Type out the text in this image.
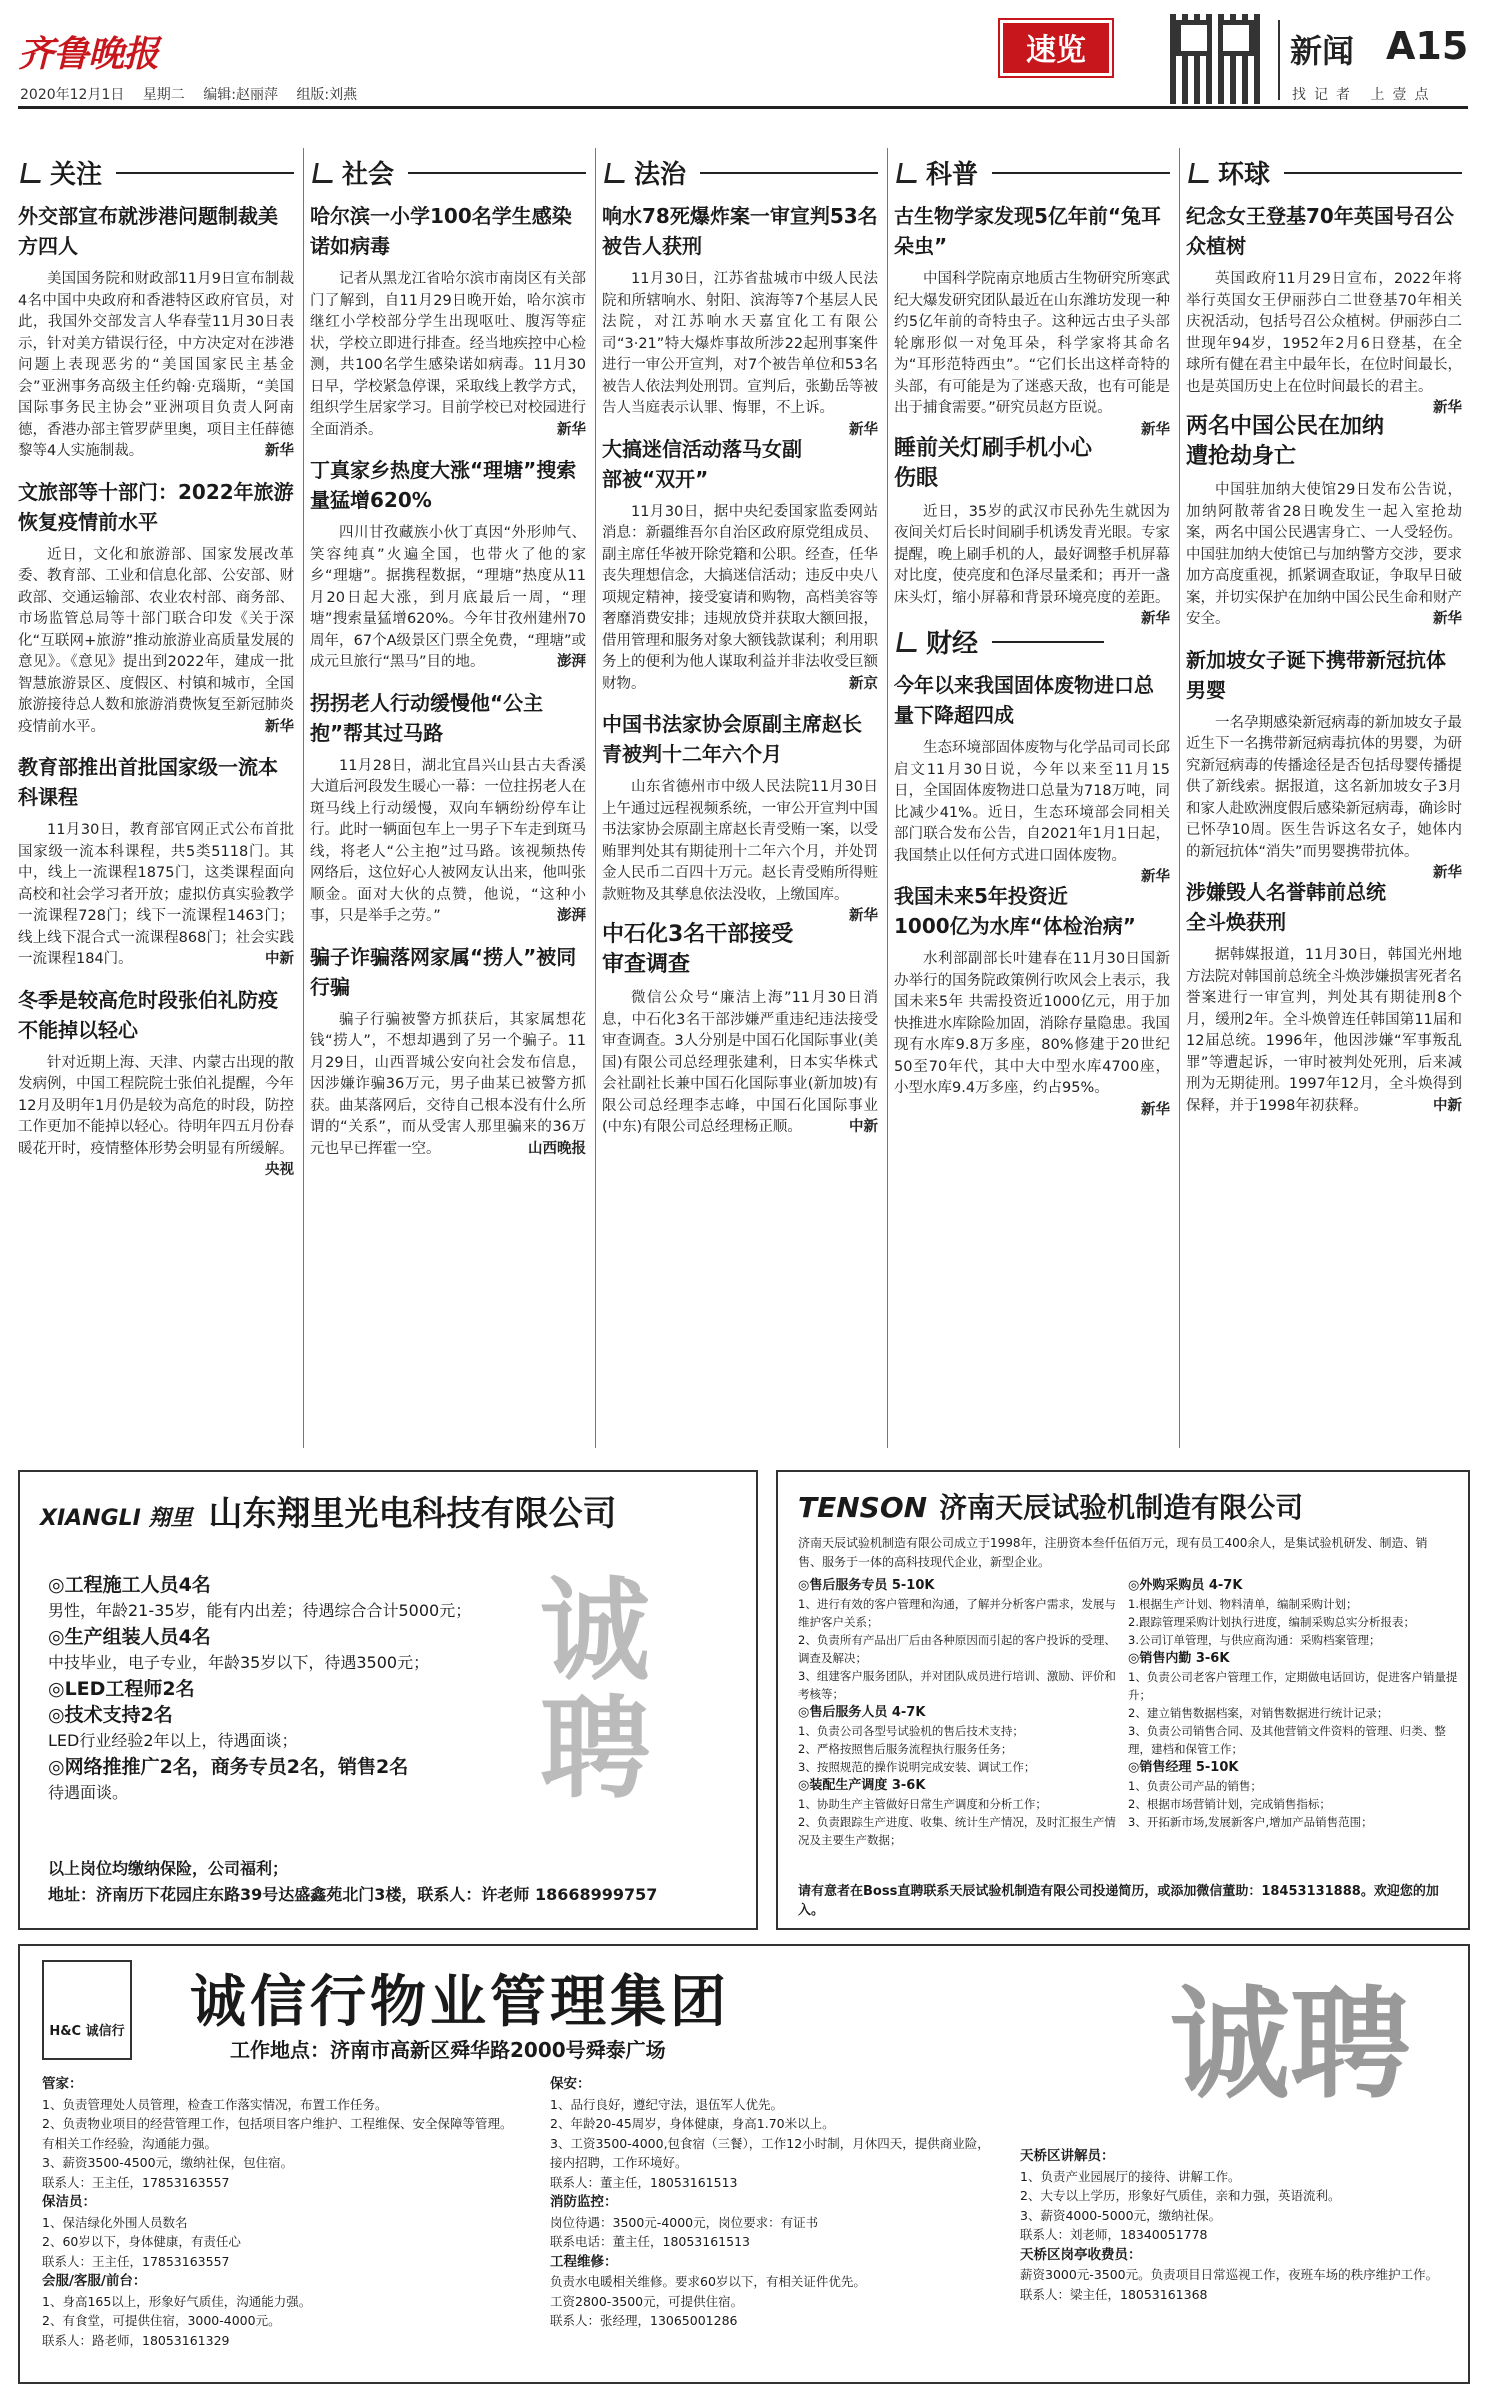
齐鲁晚报
2020年12月1日 星期二 编辑:赵丽萍 组版:刘燕
速览	新闻 A15
找记者 上壹点
关注
外交部宣布就涉港问题制裁美方四人
美国国务院和财政部11月9日宣布制裁4名中国中央政府和香港特区政府官员，对此，我国外交部发言人华春莹11月30日表示，针对美方错误行径，中方决定对在涉港问题上表现恶劣的“美国国家民主基金会”亚洲事务高级主任约翰·克瑙斯，“美国国际事务民主协会”亚洲项目负责人阿南德，香港办部主管罗萨里奥，项目主任薛德黎等4人实施制裁。	新华
文旅部等十部门：2022年旅游恢复疫情前水平
近日，文化和旅游部、国家发展改革委、教育部、工业和信息化部、公安部、财政部、交通运输部、农业农村部、商务部、市场监管总局等十部门联合印发《关于深化“互联网+旅游”推动旅游业高质量发展的意见》。《意见》提出到2022年，建成一批智慧旅游景区、度假区、村镇和城市，全国旅游接待总人数和旅游消费恢复至新冠肺炎疫情前水平。	新华
教育部推出首批国家级一流本科课程
11月30日，教育部官网正式公布首批国家级一流本科课程，共5类5118门。其中，线上一流课程1875门，这类课程面向高校和社会学习者开放；虚拟仿真实验教学一流课程728门；线下一流课程1463门；线上线下混合式一流课程868门；社会实践一流课程184门。	中新
冬季是较高危时段张伯礼防疫不能掉以轻心
针对近期上海、天津、内蒙古出现的散发病例，中国工程院院士张伯礼提醒，今年12月及明年1月仍是较为高危的时段，防控工作更加不能掉以轻心。待明年四五月份春暖花开时，疫情整体形势会明显有所缓解。
央视
社会
哈尔滨一小学100名学生感染诺如病毒
记者从黑龙江省哈尔滨市南岗区有关部门了解到，自11月29日晚开始，哈尔滨市继红小学校部分学生出现呕吐、腹泻等症状，学校立即进行排查。经当地疾控中心检测，共100名学生感染诺如病毒。11月30日早，学校紧急停课，采取线上教学方式，组织学生居家学习。目前学校已对校园进行全面消杀。	新华
丁真家乡热度大涨“理塘”搜索量猛增620%
四川甘孜藏族小伙丁真因“外形帅气、笑容纯真”火遍全国，也带火了他的家乡“理塘”。据携程数据，“理塘”热度从11月20日起大涨，到月底最后一周，“理塘”搜索量猛增620%。今年甘孜州建州70周年，67个A级景区门票全免费，“理塘”或成元旦旅行“黑马”目的地。	澎湃
拐拐老人行动缓慢他“公主抱”帮其过马路
11月28日，湖北宜昌兴山县古夫香溪大道后河段发生暖心一幕：一位拄拐老人在斑马线上行动缓慢，双向车辆纷纷停车让行。此时一辆面包车上一男子下车走到斑马线，将老人“公主抱”过马路。该视频热传网络后，这位好心人被网友认出来，他叫张顺金。面对大伙的点赞，他说，“这种小事，只是举手之劳。”	澎湃
骗子诈骗落网家属“捞人”被同行骗
骗子行骗被警方抓获后，其家属想花钱“捞人”，不想却遇到了另一个骗子。11月29日，山西晋城公安向社会发布信息，因涉嫌诈骗36万元，男子曲某已被警方抓获。曲某落网后，交待自己根本没有什么所谓的“关系”，而从受害人那里骗来的36万元也早已挥霍一空。	山西晚报
法治
响水78死爆炸案一审宣判53名被告人获刑
11月30日，江苏省盐城市中级人民法院和所辖响水、射阳、滨海等7个基层人民法院，对江苏响水天嘉宜化工有限公司“3·21”特大爆炸事故所涉22起刑事案件进行一审公开宣判，对7个被告单位和53名被告人依法判处刑罚。宣判后，张勤岳等被告人当庭表示认罪、悔罪，不上诉。
新华
大搞迷信活动落马女副部被“双开”
11月30日，据中央纪委国家监委网站消息：新疆维吾尔自治区政府原党组成员、副主席任华被开除党籍和公职。经查，任华丧失理想信念，大搞迷信活动；违反中央八项规定精神，接受宴请和购物，高档美容等奢靡消费安排；违规放贷并获取大额回报，借用管理和服务对象大额钱款谋利；利用职务上的便利为他人谋取利益并非法收受巨额财物。	新京
中国书法家协会原副主席赵长青被判十二年六个月
山东省德州市中级人民法院11月30日上午通过远程视频系统，一审公开宣判中国书法家协会原副主席赵长青受贿一案，以受贿罪判处其有期徒刑十二年六个月，并处罚金人民币二百四十万元。赵长青受贿所得赃款赃物及其孳息依法没收，上缴国库。
新华
中石化3名干部接受审查调查
微信公众号“廉洁上海”11月30日消息，中石化3名干部涉嫌严重违纪违法接受审查调查。3人分别是中国石化国际事业(美国)有限公司总经理张建利，日本实华株式会社副社长兼中国石化国际事业(新加坡)有限公司总经理李志峰，中国石化国际事业(中东)有限公司总经理杨正顺。	中新
科普
古生物学家发现5亿年前“兔耳朵虫”
中国科学院南京地质古生物研究所寒武纪大爆发研究团队最近在山东潍坊发现一种约5亿年前的奇特虫子。这种远古虫子头部轮廓形似一对兔耳朵，科学家将其命名为“耳形范特西虫”。“它们长出这样奇特的头部，有可能是为了迷惑天敌，也有可能是出于捕食需要。”研究员赵方臣说。
新华
睡前关灯刷手机小心伤眼
近日，35岁的武汉市民孙先生就因为夜间关灯后长时间刷手机诱发青光眼。专家提醒，晚上刷手机的人，最好调整手机屏幕对比度，使亮度和色泽尽量柔和；再开一盏床头灯，缩小屏幕和背景环境亮度的差距。
新华
财经
今年以来我国固体废物进口总量下降超四成
生态环境部固体废物与化学品司司长邱启文11月30日说，今年以来至11月15日，全国固体废物进口总量为718万吨，同比减少41%。近日，生态环境部会同相关部门联合发布公告，自2021年1月1日起，我国禁止以任何方式进口固体废物。
新华
我国未来5年投资近1000亿为水库“体检治病”
水利部副部长叶建春在11月30日国新办举行的国务院政策例行吹风会上表示，我国未来5年 共需投资近1000亿元，用于加快推进水库除险加固，消除存量隐患。我国现有水库9.8万多座，80%修建于20世纪50至70年代，其中大中型水库4700座，小型水库9.4万多座，约占95%。
新华
环球
纪念女王登基70年英国号召公众植树
英国政府11月29日宣布，2022年将举行英国女王伊丽莎白二世登基70年相关庆祝活动，包括号召公众植树。伊丽莎白二世现年94岁，1952年2月6日登基，在全球所有健在君主中最年长，在位时间最长，也是英国历史上在位时间最长的君主。
新华
两名中国公民在加纳遭抢劫身亡
中国驻加纳大使馆29日发布公告说，加纳阿散蒂省28日晚发生一起入室抢劫案，两名中国公民遇害身亡、一人受轻伤。中国驻加纳大使馆已与加纳警方交涉，要求加方高度重视，抓紧调查取证，争取早日破案，并切实保护在加纳中国公民生命和财产安全。	新华
新加坡女子诞下携带新冠抗体男婴
一名孕期感染新冠病毒的新加坡女子最近生下一名携带新冠病毒抗体的男婴，为研究新冠病毒的传播途径是否包括母婴传播提供了新线索。据报道，这名新加坡女子3月和家人赴欧洲度假后感染新冠病毒，确诊时已怀孕10周。医生告诉这名女子，她体内的新冠抗体“消失”而男婴携带抗体。
新华
涉嫌毁人名誉韩前总统全斗焕获刑
据韩媒报道，11月30日，韩国光州地方法院对韩国前总统全斗焕涉嫌损害死者名誉案进行一审宣判，判处其有期徒刑8个月，缓刑2年。全斗焕曾连任韩国第11届和12届总统。1996年，他因涉嫌“军事叛乱罪”等遭起诉，一审时被判处死刑，后来减刑为无期徒刑。1997年12月，全斗焕得到保释，并于1998年初获释。	中新
XIANGLI 翔里 山东翔里光电科技有限公司
◎工程施工人员4名
男性，年龄21-35岁，能有内出差；待遇综合合计5000元；
◎生产组装人员4名
中技毕业，电子专业，年龄35岁以下，待遇3500元；
◎LED工程师2名
◎技术支持2名
LED行业经验2年以上，待遇面谈；
◎网络推推广2名，商务专员2名，销售2名
待遇面谈。
诚聘
以上岗位均缴纳保险，公司福利；
地址：济南历下花园庄东路39号达盛鑫苑北门3楼，联系人：许老师 18668999757
TENSON 济南天辰试验机制造有限公司
济南天辰试验机制造有限公司成立于1998年，注册资本叁仟伍佰万元，现有员工400余人，是集试验机研发、制造、销售、服务于一体的高科技现代企业，新型企业。
◎售后服务专员 5-10K
1、进行有效的客户管理和沟通，了解并分析客户需求，发展与维护客户关系；
2、负责所有产品出厂后由各种原因而引起的客户投诉的受理、调查及解决；
3、组建客户服务团队，并对团队成员进行培训、激励、评价和考核等；
◎售后服务人员 4-7K
1、负责公司各型号试验机的售后技术支持；
2、严格按照售后服务流程执行服务任务；
3、按照规范的操作说明完成安装、调试工作；
◎装配生产调度 3-6K
1、协助生产主管做好日常生产调度和分析工作；
2、负责跟踪生产进度、收集、统计生产情况，及时汇报生产情况及主要生产数据；
◎外购采购员 4-7K
1.根据生产计划、物料清单，编制采购计划；
2.跟踪管理采购计划执行进度，编制采购总实分析报表；
3.公司订单管理，与供应商沟通：采购档案管理；
◎销售内勤 3-6K
1、负责公司老客户管理工作，定期做电话回访，促进客户销量提升；
2、建立销售数据档案，对销售数据进行统计记录；
3、负责公司销售合同、及其他营销文件资料的管理、归类、整理，建档和保管工作；
◎销售经理 5-10K
1、负责公司产品的销售；
2、根据市场营销计划，完成销售指标；
3、开拓新市场,发展新客户,增加产品销售范围；
请有意者在Boss直聘联系天辰试验机制造有限公司投递简历，或添加微信董助：18453131888。欢迎您的加入。
H&C 诚信行 诚信行物业管理集团
工作地点：济南市高新区舜华路2000号舜泰广场	诚聘
管家：
1、负责管理处人员管理，检查工作落实情况，布置工作任务。
2、负责物业项目的经营管理工作，包括项目客户维护、工程维保、安全保障等管理。有相关工作经验，沟通能力强。
3、薪资3500-4500元，缴纳社保，包住宿。
联系人：王主任，17853163557
保洁员：
1、保洁绿化外围人员数名
2、60岁以下，身体健康，有责任心
联系人：王主任，17853163557
会服/客服/前台：
1、身高165以上，形象好气质佳，沟通能力强。
2、有食堂，可提供住宿，3000-4000元。
联系人：路老师，18053161329
保安：
1、品行良好，遵纪守法，退伍军人优先。
2、年龄20-45周岁，身体健康，身高1.70米以上。
3、工资3500-4000,包食宿（三餐），工作12小时制，月休四天，提供商业险，接内招聘，工作环境好。
联系人：董主任，18053161513
消防监控：
岗位待遇：3500元-4000元，岗位要求：有证书
联系电话：董主任，18053161513
工程维修：
负责水电暖相关维修。要求60岁以下，有相关证件优先。
工资2800-3500元，可提供住宿。
联系人：张经理，13065001286
天桥区讲解员：
1、负责产业园展厅的接待、讲解工作。
2、大专以上学历，形象好气质佳，亲和力强，英语流利。
3、薪资4000-5000元，缴纳社保。
联系人：刘老师，18340051778
天桥区岗亭收费员：
薪资3000元-3500元。负责项目日常巡视工作，夜班车场的秩序维护工作。
联系人：梁主任，18053161368
